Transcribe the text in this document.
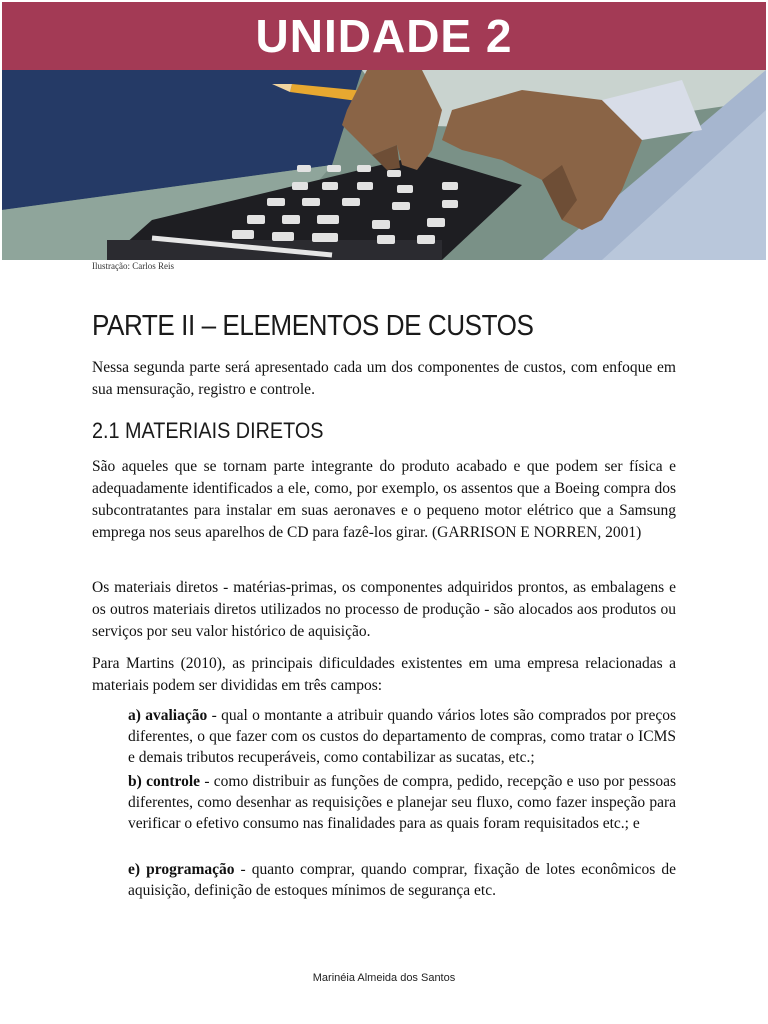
UNIDADE 2
Ilustração: Carlos Reis
PARTE II – ELEMENTOS DE CUSTOS

Nessa segunda parte será apresentado cada um dos componentes de custos, com enfoque em sua mensuração, registro e controle.

2.1 MATERIAIS DIRETOS

São aqueles que se tornam parte integrante do produto acabado e que podem ser física e adequadamente identificados a ele, como, por exemplo, os assentos que a Boeing compra dos subcontratantes para instalar em suas aeronaves e o pequeno motor elétrico que a Samsung emprega nos seus aparelhos de CD para fazê-los girar. (GARRISON E NORREN, 2001)

Os materiais diretos - matérias-primas, os componentes adquiridos prontos, as embalagens e os outros materiais diretos utilizados no processo de produção - são alocados aos produtos ou serviços por seu valor histórico de aquisição.

Para Martins (2010), as principais dificuldades existentes em uma empresa relacionadas a materiais podem ser divididas em três campos:

a) avaliação - qual o montante a atribuir quando vários lotes são comprados por preços diferentes, o que fazer com os custos do departamento de compras, como tratar o ICMS e demais tributos recuperáveis, como contabilizar as sucatas, etc.;

b) controle - como distribuir as funções de compra, pedido, recepção e uso por pessoas diferentes, como desenhar as requisições e planejar seu fluxo, como fazer inspeção para verificar o efetivo consumo nas finalidades para as quais foram requisitados etc.; e

e) programação - quanto comprar, quando comprar, fixação de lotes econômicos de aquisição, definição de estoques mínimos de segurança etc.

Marinéia Almeida dos Santos
